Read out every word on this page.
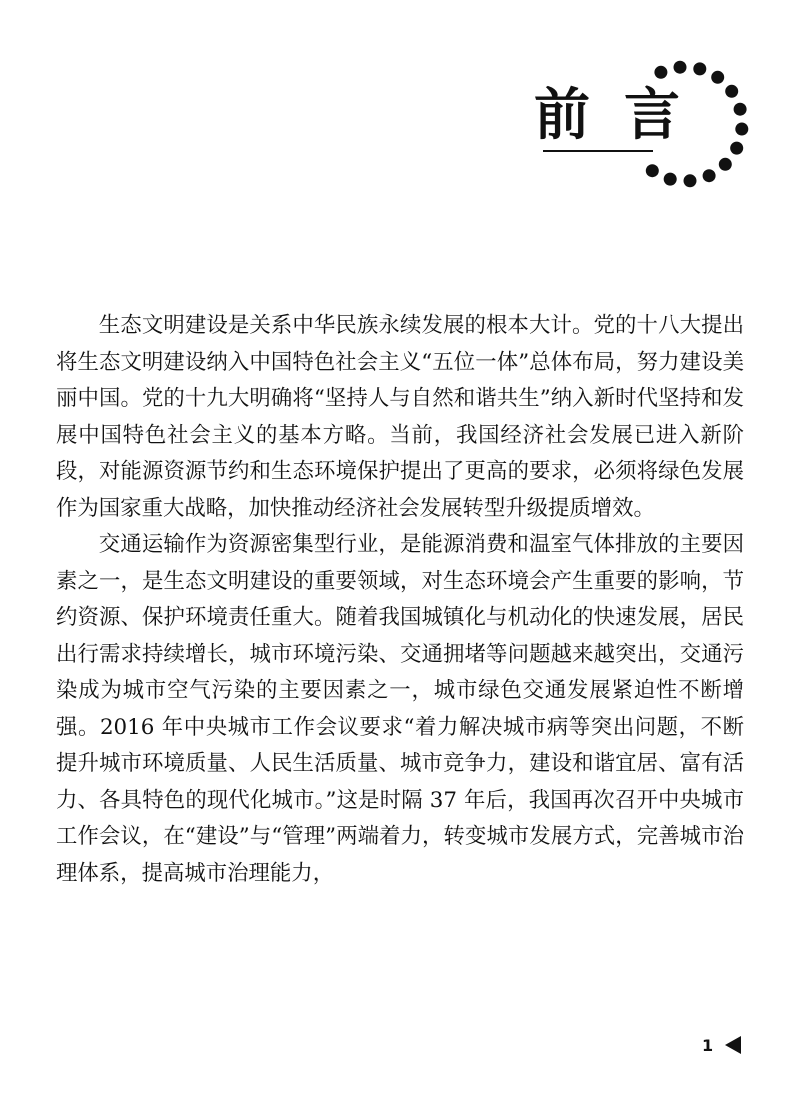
前言

生态文明建设是关系中华民族永续发展的根本大计。党的十八大提出将生态文明建设纳入中国特色社会主义“五位一体”总体布局，努力建设美丽中国。党的十九大明确将“坚持人与自然和谐共生”纳入新时代坚持和发展中国特色社会主义的基本方略。当前，我国经济社会发展已进入新阶段，对能源资源节约和生态环境保护提出了更高的要求，必须将绿色发展作为国家重大战略，加快推动经济社会发展转型升级提质增效。

交通运输作为资源密集型行业，是能源消费和温室气体排放的主要因素之一，是生态文明建设的重要领域，对生态环境会产生重要的影响，节约资源、保护环境责任重大。随着我国城镇化与机动化的快速发展，居民出行需求持续增长，城市环境污染、交通拥堵等问题越来越突出，交通污染成为城市空气污染的主要因素之一，城市绿色交通发展紧迫性不断增强。2016 年中央城市工作会议要求“着力解决城市病等突出问题，不断提升城市环境质量、人民生活质量、城市竞争力，建设和谐宜居、富有活力、各具特色的现代化城市。”这是时隔 37 年后，我国再次召开中央城市工作会议，在“建设”与“管理”两端着力，转变城市发展方式，完善城市治理体系，提高城市治理能力，

1
